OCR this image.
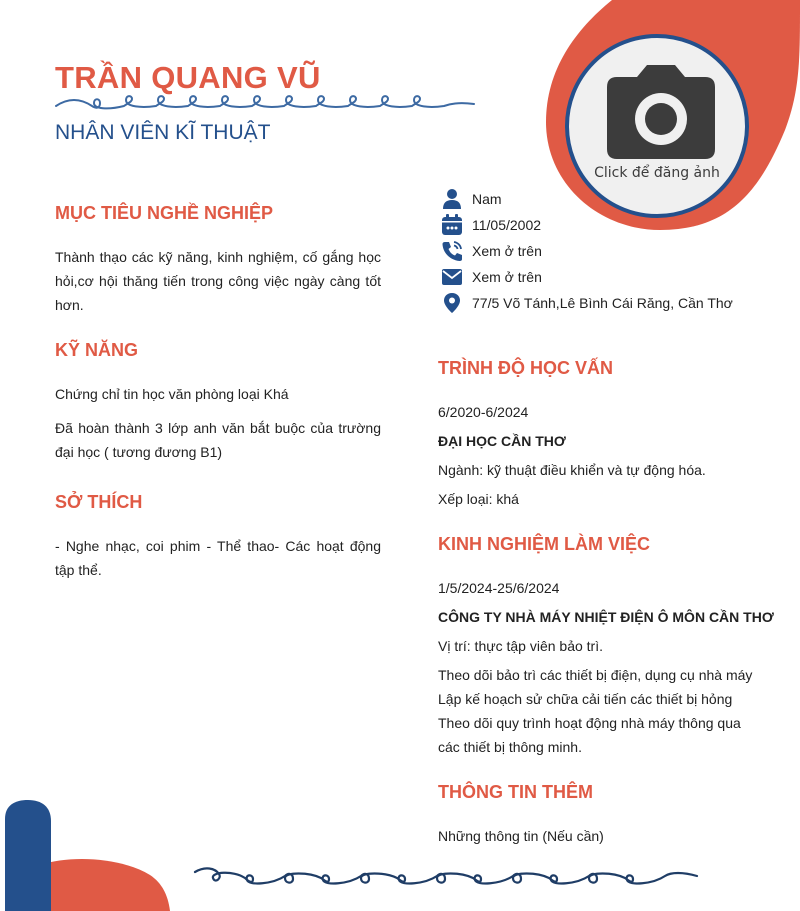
Click để đăng ảnh
TRẦN QUANG VŨ
NHÂN VIÊN KĨ THUẬT
MỤC TIÊU NGHỀ NGHIỆP
Thành thạo các kỹ năng, kinh nghiệm, cố gắng học hỏi,cơ hội thăng tiến trong công việc ngày càng tốt hơn.
KỸ NĂNG
Chứng chỉ tin học văn phòng loại Khá
Đã hoàn thành 3 lớp anh văn bắt buộc của trường đại học ( tương đương B1)
SỞ THÍCH
- Nghe nhạc, coi phim - Thể thao- Các hoạt động tập thể.
Nam
11/05/2002
Xem ở trên
Xem ở trên
77/5 Võ Tánh,Lê Bình Cái Răng, Cần Thơ
TRÌNH ĐỘ HỌC VẤN
6/2020-6/2024
ĐẠI HỌC CẦN THƠ
Ngành: kỹ thuật điều khiển và tự động hóa.
Xếp loại: khá
KINH NGHIỆM LÀM VIỆC
1/5/2024-25/6/2024
CÔNG TY NHÀ MÁY NHIỆT ĐIỆN Ô MÔN CẦN THƠ
Vị trí: thực tập viên bảo trì.
Theo dõi bảo trì các thiết bị điện, dụng cụ nhà máy
Lập kế hoạch sử chữa cải tiến các thiết bị hỏng
Theo dõi quy trình hoạt động nhà máy thông qua
các thiết bị thông minh.
THÔNG TIN THÊM
Những thông tin (Nếu cần)
